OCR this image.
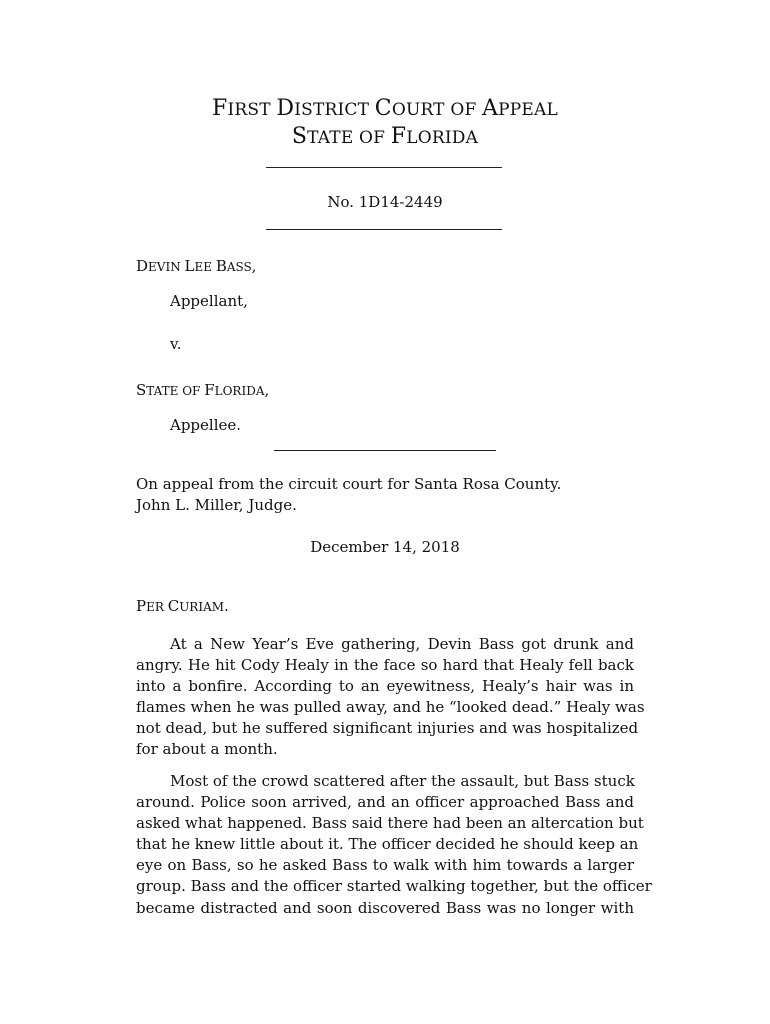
FIRST DISTRICT COURT OF APPEAL
STATE OF FLORIDA
No. 1D14-2449
DEVIN LEE BASS,
Appellant,
v.
STATE OF FLORIDA,
Appellee.
On appeal from the circuit court for Santa Rosa County.
John L. Miller, Judge.
December 14, 2018
PER CURIAM.
At a New Year’s Eve gathering, Devin Bass got drunk and
angry. He hit Cody Healy in the face so hard that Healy fell back
into a bonfire. According to an eyewitness, Healy’s hair was in
flames when he was pulled away, and he “looked dead.” Healy was
not dead, but he suffered significant injuries and was hospitalized
for about a month.
Most of the crowd scattered after the assault, but Bass stuck
around. Police soon arrived, and an officer approached Bass and
asked what happened. Bass said there had been an altercation but
that he knew little about it. The officer decided he should keep an
eye on Bass, so he asked Bass to walk with him towards a larger
group. Bass and the officer started walking together, but the officer
became distracted and soon discovered Bass was no longer with
